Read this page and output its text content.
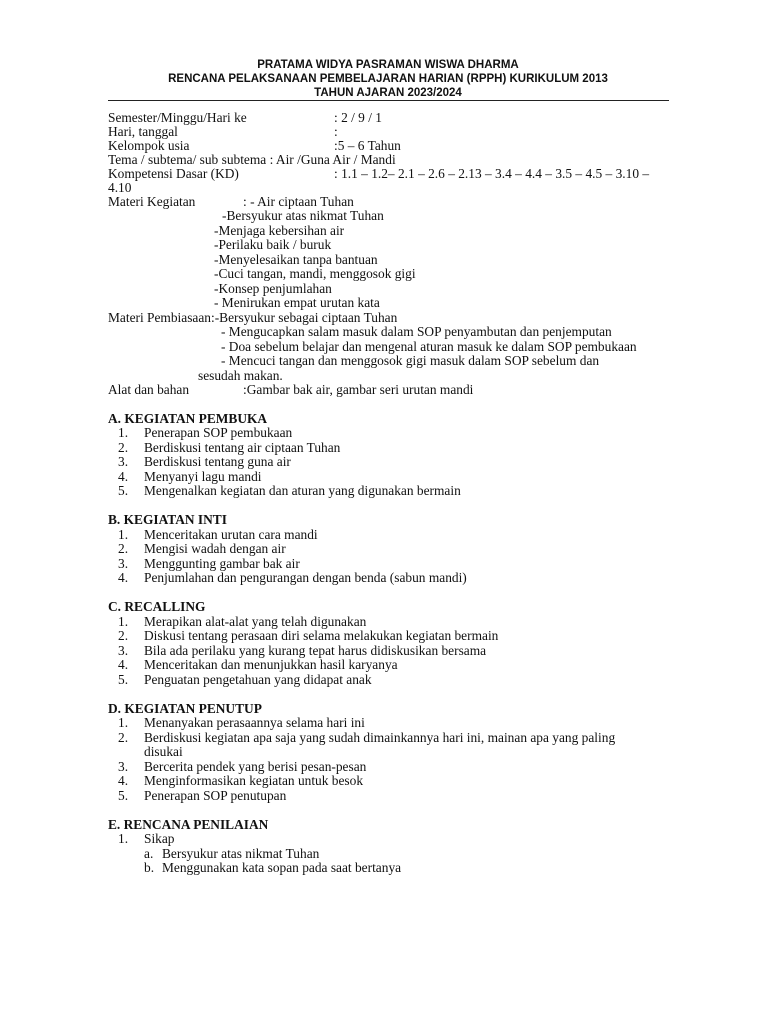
PRATAMA WIDYA PASRAMAN WISWA DHARMA
RENCANA PELAKSANAAN PEMBELAJARAN HARIAN (RPPH) KURIKULUM 2013
TAHUN AJARAN 2023/2024
Semester/Minggu/Hari ke	: 2 / 9 / 1
Hari, tanggal	:
Kelompok usia	:5 – 6 Tahun
Tema / subtema/ sub subtema : Air /Guna Air / Mandi
Kompetensi Dasar (KD)	: 1.1 – 1.2– 2.1 – 2.6 – 2.13 – 3.4 – 4.4 – 3.5 – 4.5 – 3.10 –
4.10
Materi Kegiatan	: - Air ciptaan Tuhan
-Bersyukur atas nikmat Tuhan
-Menjaga kebersihan air
-Perilaku baik / buruk
-Menyelesaikan tanpa bantuan
-Cuci tangan, mandi, menggosok gigi
-Konsep penjumlahan
- Menirukan empat urutan kata
Materi Pembiasaan:-Bersyukur sebagai ciptaan Tuhan
- Mengucapkan salam masuk dalam SOP penyambutan dan penjemputan
- Doa sebelum belajar dan mengenal aturan masuk ke dalam SOP pembukaan
- Mencuci tangan dan menggosok gigi masuk dalam SOP sebelum dan
sesudah makan.
Alat dan bahan	:Gambar bak air, gambar seri urutan mandi
A. KEGIATAN PEMBUKA
1. Penerapan SOP pembukaan
2. Berdiskusi tentang air ciptaan Tuhan
3. Berdiskusi tentang guna air
4. Menyanyi lagu mandi
5. Mengenalkan kegiatan dan aturan yang digunakan bermain
B. KEGIATAN INTI
1. Menceritakan urutan cara mandi
2. Mengisi wadah dengan air
3. Menggunting gambar bak air
4. Penjumlahan dan pengurangan dengan benda (sabun mandi)
C. RECALLING
1. Merapikan alat-alat yang telah digunakan
2. Diskusi tentang perasaan diri selama melakukan kegiatan bermain
3. Bila ada perilaku yang kurang tepat harus didiskusikan bersama
4. Menceritakan dan menunjukkan hasil karyanya
5. Penguatan pengetahuan yang didapat anak
D. KEGIATAN PENUTUP
1. Menanyakan perasaannya selama hari ini
2. Berdiskusi kegiatan apa saja yang sudah dimainkannya hari ini, mainan apa yang paling
disukai
3. Bercerita pendek yang berisi pesan-pesan
4. Menginformasikan kegiatan untuk besok
5. Penerapan SOP penutupan
E. RENCANA PENILAIAN
1. Sikap
a. Bersyukur atas nikmat Tuhan
b. Menggunakan kata sopan pada saat bertanya
